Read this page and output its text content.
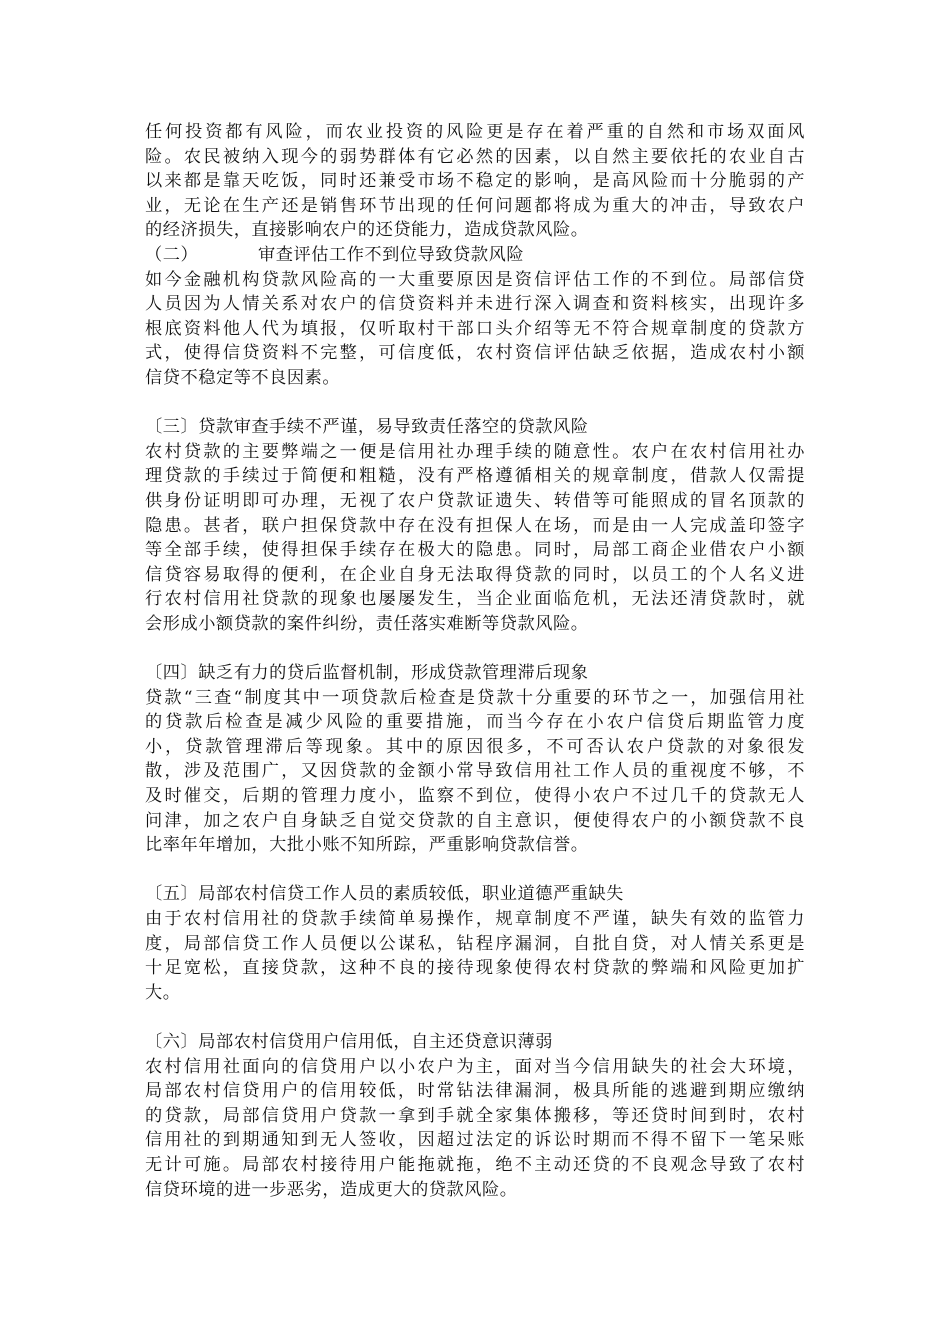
任何投资都有风险，而农业投资的风险更是存在着严重的自然和市场双面风
险。农民被纳入现今的弱势群体有它必然的因素，以自然主要依托的农业自古
以来都是靠天吃饭，同时还兼受市场不稳定的影响，是高风险而十分脆弱的产
业，无论在生产还是销售环节出现的任何问题都将成为重大的冲击，导致农户
的经济损失，直接影响农户的还贷能力，造成贷款风险。
（二）	审查评估工作不到位导致贷款风险
如今金融机构贷款风险高的一大重要原因是资信评估工作的不到位。局部信贷
人员因为人情关系对农户的信贷资料并未进行深入调查和资料核实，出现许多
根底资料他人代为填报，仅听取村干部口头介绍等无不符合规章制度的贷款方
式，使得信贷资料不完整，可信度低，农村资信评估缺乏依据，造成农村小额
信贷不稳定等不良因素。
〔三〕贷款审查手续不严谨，易导致责任落空的贷款风险
农村贷款的主要弊端之一便是信用社办理手续的随意性。农户在农村信用社办
理贷款的手续过于简便和粗糙，没有严格遵循相关的规章制度，借款人仅需提
供身份证明即可办理，无视了农户贷款证遗失、转借等可能照成的冒名顶款的
隐患。甚者，联户担保贷款中存在没有担保人在场，而是由一人完成盖印签字
等全部手续，使得担保手续存在极大的隐患。同时，局部工商企业借农户小额
信贷容易取得的便利，在企业自身无法取得贷款的同时，以员工的个人名义进
行农村信用社贷款的现象也屡屡发生，当企业面临危机，无法还清贷款时，就
会形成小额贷款的案件纠纷，责任落实难断等贷款风险。
〔四〕缺乏有力的贷后监督机制，形成贷款管理滞后现象
贷款“三查“制度其中一项贷款后检查是贷款十分重要的环节之一，加强信用社
的贷款后检查是减少风险的重要措施，而当今存在小农户信贷后期监管力度
小，贷款管理滞后等现象。其中的原因很多，不可否认农户贷款的对象很发
散，涉及范围广，又因贷款的金额小常导致信用社工作人员的重视度不够，不
及时催交，后期的管理力度小，监察不到位，使得小农户不过几千的贷款无人
问津，加之农户自身缺乏自觉交贷款的自主意识，便使得农户的小额贷款不良
比率年年增加，大批小账不知所踪，严重影响贷款信誉。
〔五〕局部农村信贷工作人员的素质较低，职业道德严重缺失
由于农村信用社的贷款手续简单易操作，规章制度不严谨，缺失有效的监管力
度，局部信贷工作人员便以公谋私，钻程序漏洞，自批自贷，对人情关系更是
十足宽松，直接贷款，这种不良的接待现象使得农村贷款的弊端和风险更加扩
大。
〔六〕局部农村信贷用户信用低，自主还贷意识薄弱
农村信用社面向的信贷用户以小农户为主，面对当今信用缺失的社会大环境，
局部农村信贷用户的信用较低，时常钻法律漏洞，极具所能的逃避到期应缴纳
的贷款，局部信贷用户贷款一拿到手就全家集体搬移，等还贷时间到时，农村
信用社的到期通知到无人签收，因超过法定的诉讼时期而不得不留下一笔呆账
无计可施。局部农村接待用户能拖就拖，绝不主动还贷的不良观念导致了农村
信贷环境的进一步恶劣，造成更大的贷款风险。
